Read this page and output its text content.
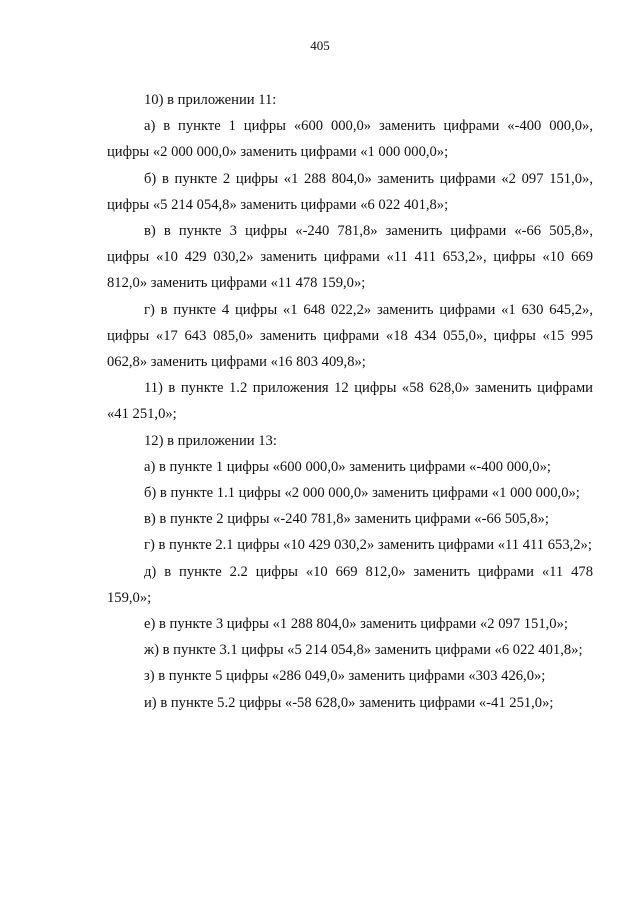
405

10) в приложении 11:

а) в пункте 1 цифры «600 000,0» заменить цифрами «-400 000,0», цифры «2 000 000,0» заменить цифрами «1 000 000,0»;

б) в пункте 2 цифры «1 288 804,0» заменить цифрами «2 097 151,0», цифры «5 214 054,8» заменить цифрами «6 022 401,8»;

в) в пункте 3 цифры «-240 781,8» заменить цифрами «-66 505,8», цифры «10 429 030,2» заменить цифрами «11 411 653,2», цифры «10 669 812,0» заменить цифрами «11 478 159,0»;

г) в пункте 4 цифры «1 648 022,2» заменить цифрами «1 630 645,2», цифры «17 643 085,0» заменить цифрами «18 434 055,0», цифры «15 995 062,8» заменить цифрами «16 803 409,8»;

11) в пункте 1.2 приложения 12 цифры «58 628,0» заменить цифрами «41 251,0»;

12) в приложении 13:

а) в пункте 1 цифры «600 000,0» заменить цифрами «-400 000,0»;

б) в пункте 1.1 цифры «2 000 000,0» заменить цифрами «1 000 000,0»;

в) в пункте 2 цифры «-240 781,8» заменить цифрами «-66 505,8»;

г) в пункте 2.1 цифры «10 429 030,2» заменить цифрами «11 411 653,2»;

д) в пункте 2.2 цифры «10 669 812,0» заменить цифрами «11 478 159,0»;

е) в пункте 3 цифры «1 288 804,0» заменить цифрами «2 097 151,0»;

ж) в пункте 3.1 цифры «5 214 054,8» заменить цифрами «6 022 401,8»;

з) в пункте 5 цифры «286 049,0» заменить цифрами «303 426,0»;

и) в пункте 5.2 цифры «-58 628,0» заменить цифрами «-41 251,0»;
